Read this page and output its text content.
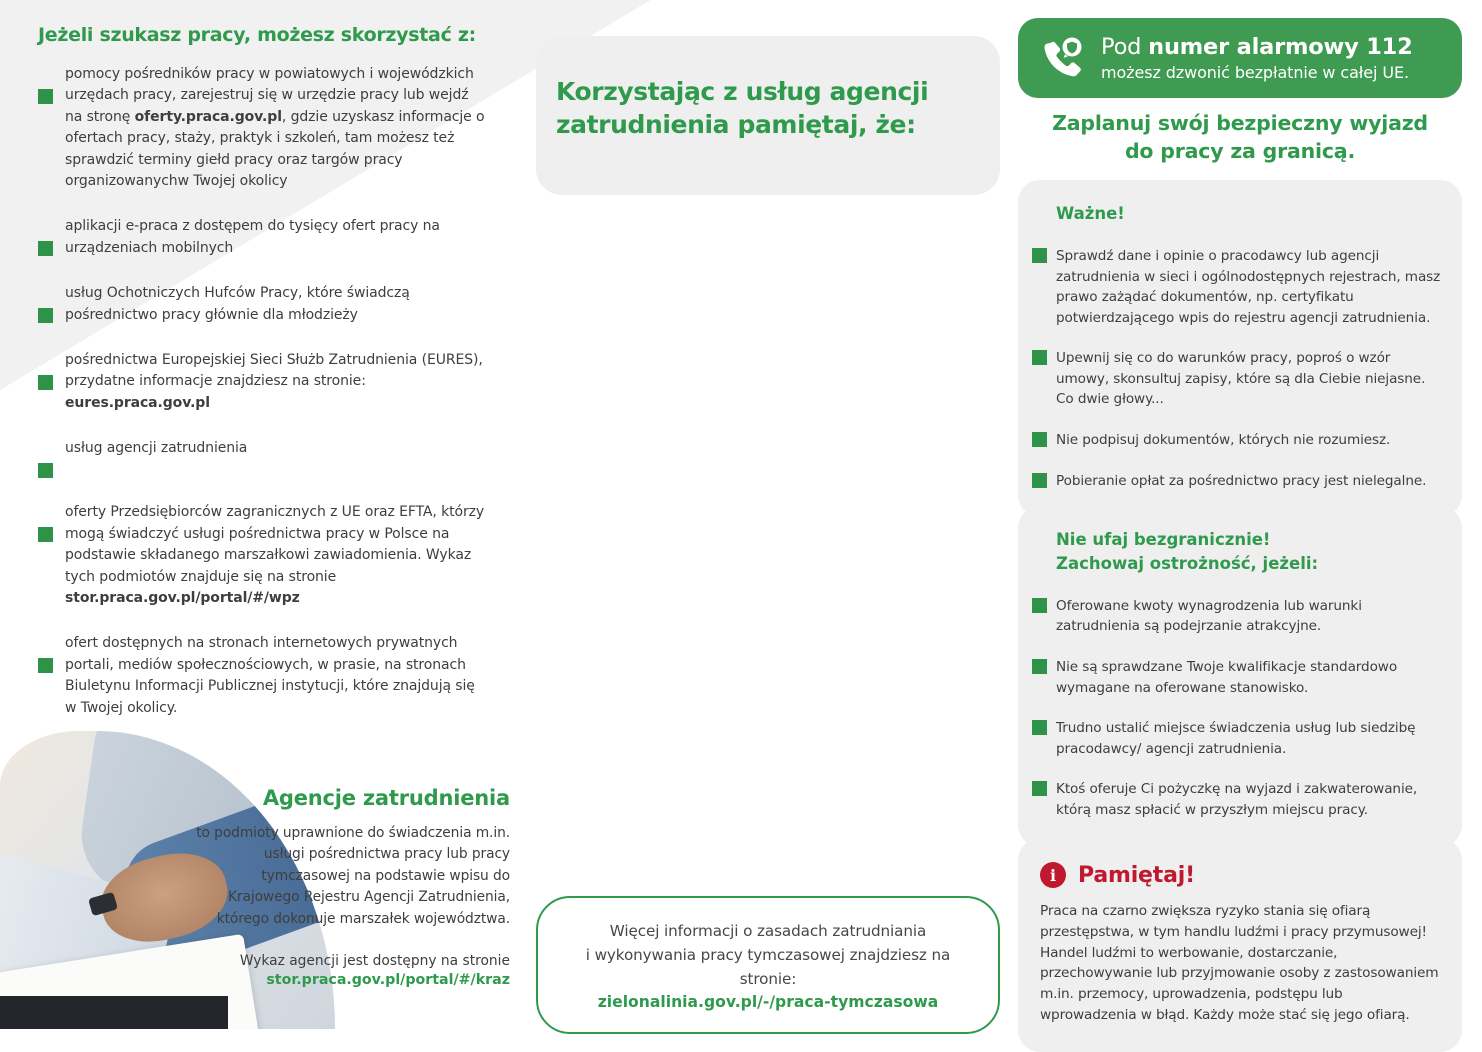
Jeżeli szukasz pracy, możesz skorzystać z:

pomocy pośredników pracy w powiatowych i wojewódzkich urzędach pracy, zarejestruj się w urzędzie pracy lub wejdź na stronę oferty.praca.gov.pl, gdzie uzyskasz informacje o ofertach pracy, staży, praktyk i szkoleń, tam możesz też sprawdzić terminy giełd pracy oraz targów pracy organizowanychw Twojej okolicy

aplikacji e-praca z dostępem do tysięcy ofert pracy na urządzeniach mobilnych

usług Ochotniczych Hufców Pracy, które świadczą pośrednictwo pracy głównie dla młodzieży

pośrednictwa Europejskiej Sieci Służb Zatrudnienia (EURES), przydatne informacje znajdziesz na stronie:
eures.praca.gov.pl

usług agencji zatrudnienia

oferty Przedsiębiorców zagranicznych z UE oraz EFTA, którzy mogą świadczyć usługi pośrednictwa pracy w Polsce na podstawie składanego marszałkowi zawiadomienia. Wykaz tych podmiotów znajduje się na stronie stor.praca.gov.pl/portal/#/wpz

ofert dostępnych na stronach internetowych prywatnych portali, mediów społecznościowych, w prasie, na stronach Biuletynu Informacji Publicznej instytucji, które znajdują się w Twojej okolicy.

Agencje zatrudnienia

to podmioty uprawnione do świadczenia m.in. usługi pośrednictwa pracy lub pracy tymczasowej na podstawie wpisu do Krajowego Rejestru Agencji Zatrudnienia, którego dokonuje marszałek województwa.

Wykaz agencji jest dostępny na stronie

stor.praca.gov.pl/portal/#/kraz
Korzystając z usług agencji zatrudnienia pamiętaj, że:

Więcej informacji o zasadach zatrudniania

i wykonywania pracy tymczasowej znajdziesz na stronie:

zielonalinia.gov.pl/-/praca-tymczasowa
Pod numer alarmowy 112
możesz dzwonić bezpłatnie w całej UE.
Zaplanuj swój bezpieczny wyjazd
do pracy za granicą.
Ważne!
Sprawdź dane i opinie o pracodawcy lub agencji zatrudnienia w sieci i ogólnodostępnych rejestrach, masz prawo zażądać dokumentów, np. certyfikatu potwierdzającego wpis do rejestru agencji zatrudnienia.
Upewnij się co do warunków pracy, poproś o wzór umowy, skonsultuj zapisy, które są dla Ciebie niejasne. Co dwie głowy...
Nie podpisuj dokumentów, których nie rozumiesz.
Pobieranie opłat za pośrednictwo pracy jest nielegalne.
Nie ufaj bezgranicznie!
Zachowaj ostrożność, jeżeli:
Oferowane kwoty wynagrodzenia lub warunki zatrudnienia są podejrzanie atrakcyjne.
Nie są sprawdzane Twoje kwalifikacje standardowo wymagane na oferowane stanowisko.
Trudno ustalić miejsce świadczenia usług lub siedzibę pracodawcy/ agencji zatrudnienia.
Ktoś oferuje Ci pożyczkę na wyjazd i zakwaterowanie, którą masz spłacić w przyszłym miejscu pracy.
i Pamiętaj!

Praca na czarno zwiększa ryzyko stania się ofiarą przestępstwa, w tym handlu ludźmi i pracy przymusowej! Handel ludźmi to werbowanie, dostarczanie, przechowywanie lub przyjmowanie osoby z zastosowaniem m.in. przemocy, uprowadzenia, podstępu lub wprowadzenia w błąd. Każdy może stać się jego ofiarą.
